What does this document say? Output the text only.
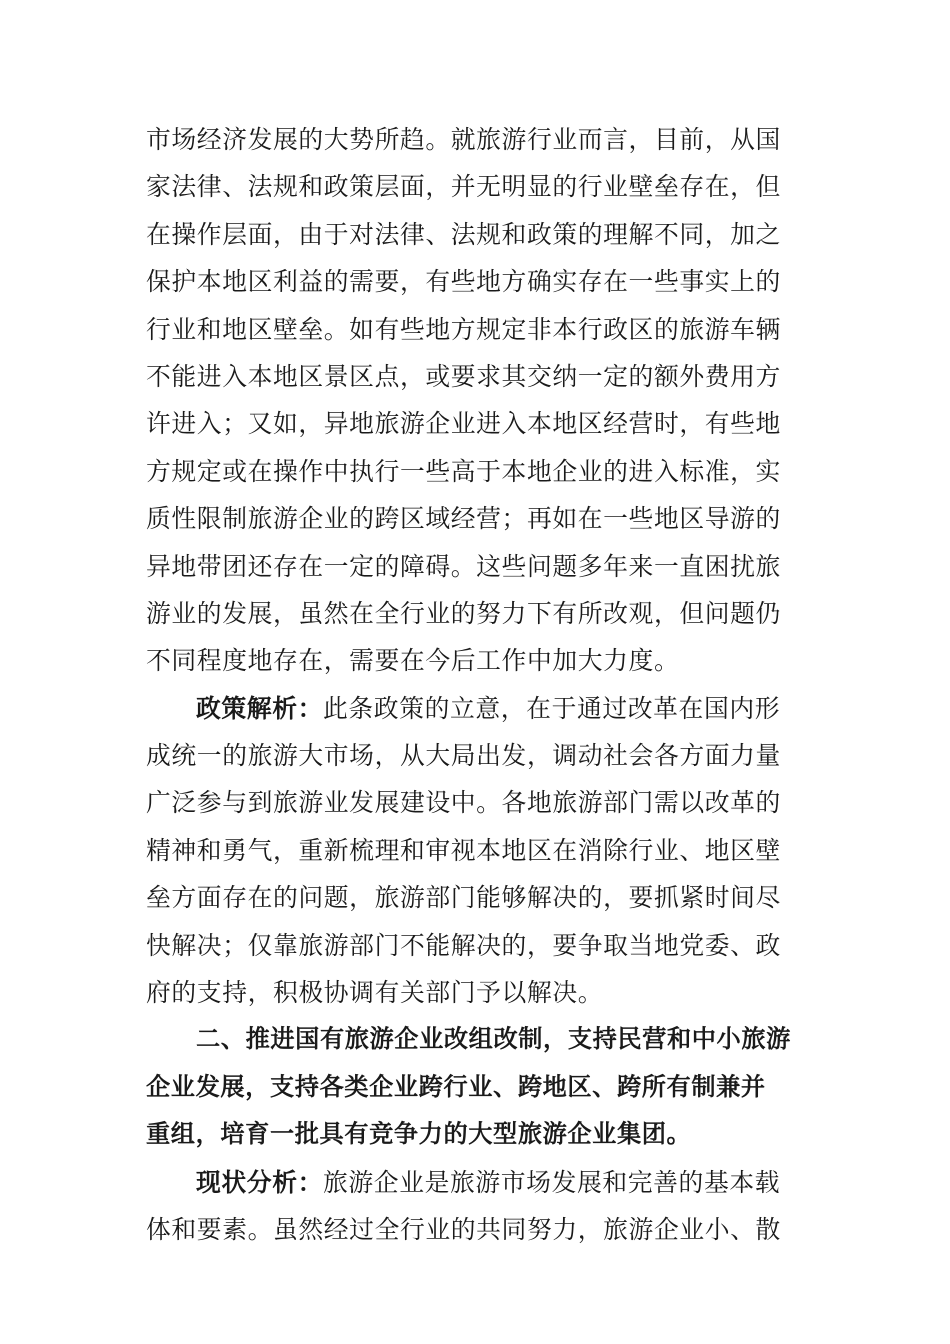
市场经济发展的大势所趋。就旅游行业而言，目前，从国
家法律、法规和政策层面，并无明显的行业壁垒存在，但
在操作层面，由于对法律、法规和政策的理解不同，加之
保护本地区利益的需要，有些地方确实存在一些事实上的
行业和地区壁垒。如有些地方规定非本行政区的旅游车辆
不能进入本地区景区点，或要求其交纳一定的额外费用方
许进入；又如，异地旅游企业进入本地区经营时，有些地
方规定或在操作中执行一些高于本地企业的进入标准，实
质性限制旅游企业的跨区域经营；再如在一些地区导游的
异地带团还存在一定的障碍。这些问题多年来一直困扰旅
游业的发展，虽然在全行业的努力下有所改观，但问题仍
不同程度地存在，需要在今后工作中加大力度。
政策解析：此条政策的立意，在于通过改革在国内形
成统一的旅游大市场，从大局出发，调动社会各方面力量
广泛参与到旅游业发展建设中。各地旅游部门需以改革的
精神和勇气，重新梳理和审视本地区在消除行业、地区壁
垒方面存在的问题，旅游部门能够解决的，要抓紧时间尽
快解决；仅靠旅游部门不能解决的，要争取当地党委、政
府的支持，积极协调有关部门予以解决。
二、推进国有旅游企业改组改制，支持民营和中小旅游
企业发展，支持各类企业跨行业、跨地区、跨所有制兼并
重组，培育一批具有竞争力的大型旅游企业集团。
现状分析：旅游企业是旅游市场发展和完善的基本载
体和要素。虽然经过全行业的共同努力，旅游企业小、散
